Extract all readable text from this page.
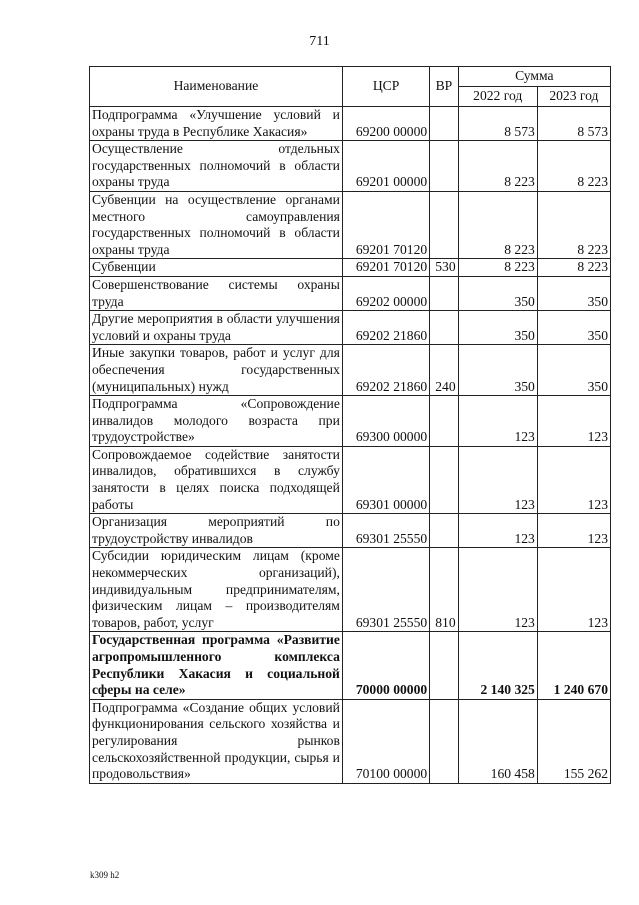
711
Наименование	ЦСР	ВР	Сумма	
			2022 год	2023 год
Подпрограмма «Улучшение условий и охраны труда в Республике Хакасия»	69200 00000		8 573	8 573
Осуществление отдельных государственных полномочий в области охраны труда	69201 00000		8 223	8 223
Субвенции на осуществление органами местного самоуправления государственных полномочий в области охраны труда	69201 70120		8 223	8 223
Субвенции	69201 70120	530	8 223	8 223
Совершенствование системы охраны труда	69202 00000		350	350
Другие мероприятия в области улучшения условий и охраны труда	69202 21860		350	350
Иные закупки товаров, работ и услуг для обеспечения государственных (муниципальных) нужд	69202 21860	240	350	350
Подпрограмма «Сопровождение инвалидов молодого возраста при трудоустройстве»	69300 00000		123	123
Сопровождаемое содействие занятости инвалидов, обратившихся в службу занятости в целях поиска подходящей работы	69301 00000		123	123
Организация мероприятий по трудоустройству инвалидов	69301 25550		123	123
Субсидии юридическим лицам (кроме некоммерческих организаций), индивидуальным предпринимателям, физическим лицам – производителям товаров, работ, услуг	69301 25550	810	123	123
Государственная программа «Развитие агропромышленного комплекса Республики Хакасия и социальной сферы на селе»	70000 00000		2 140 325	1 240 670
Подпрограмма «Создание общих условий функционирования сельского хозяйства и регулирования рынков сельскохозяйственной продукции, сырья и продовольствия»	70100 00000		160 458	155 262
k309 h2
